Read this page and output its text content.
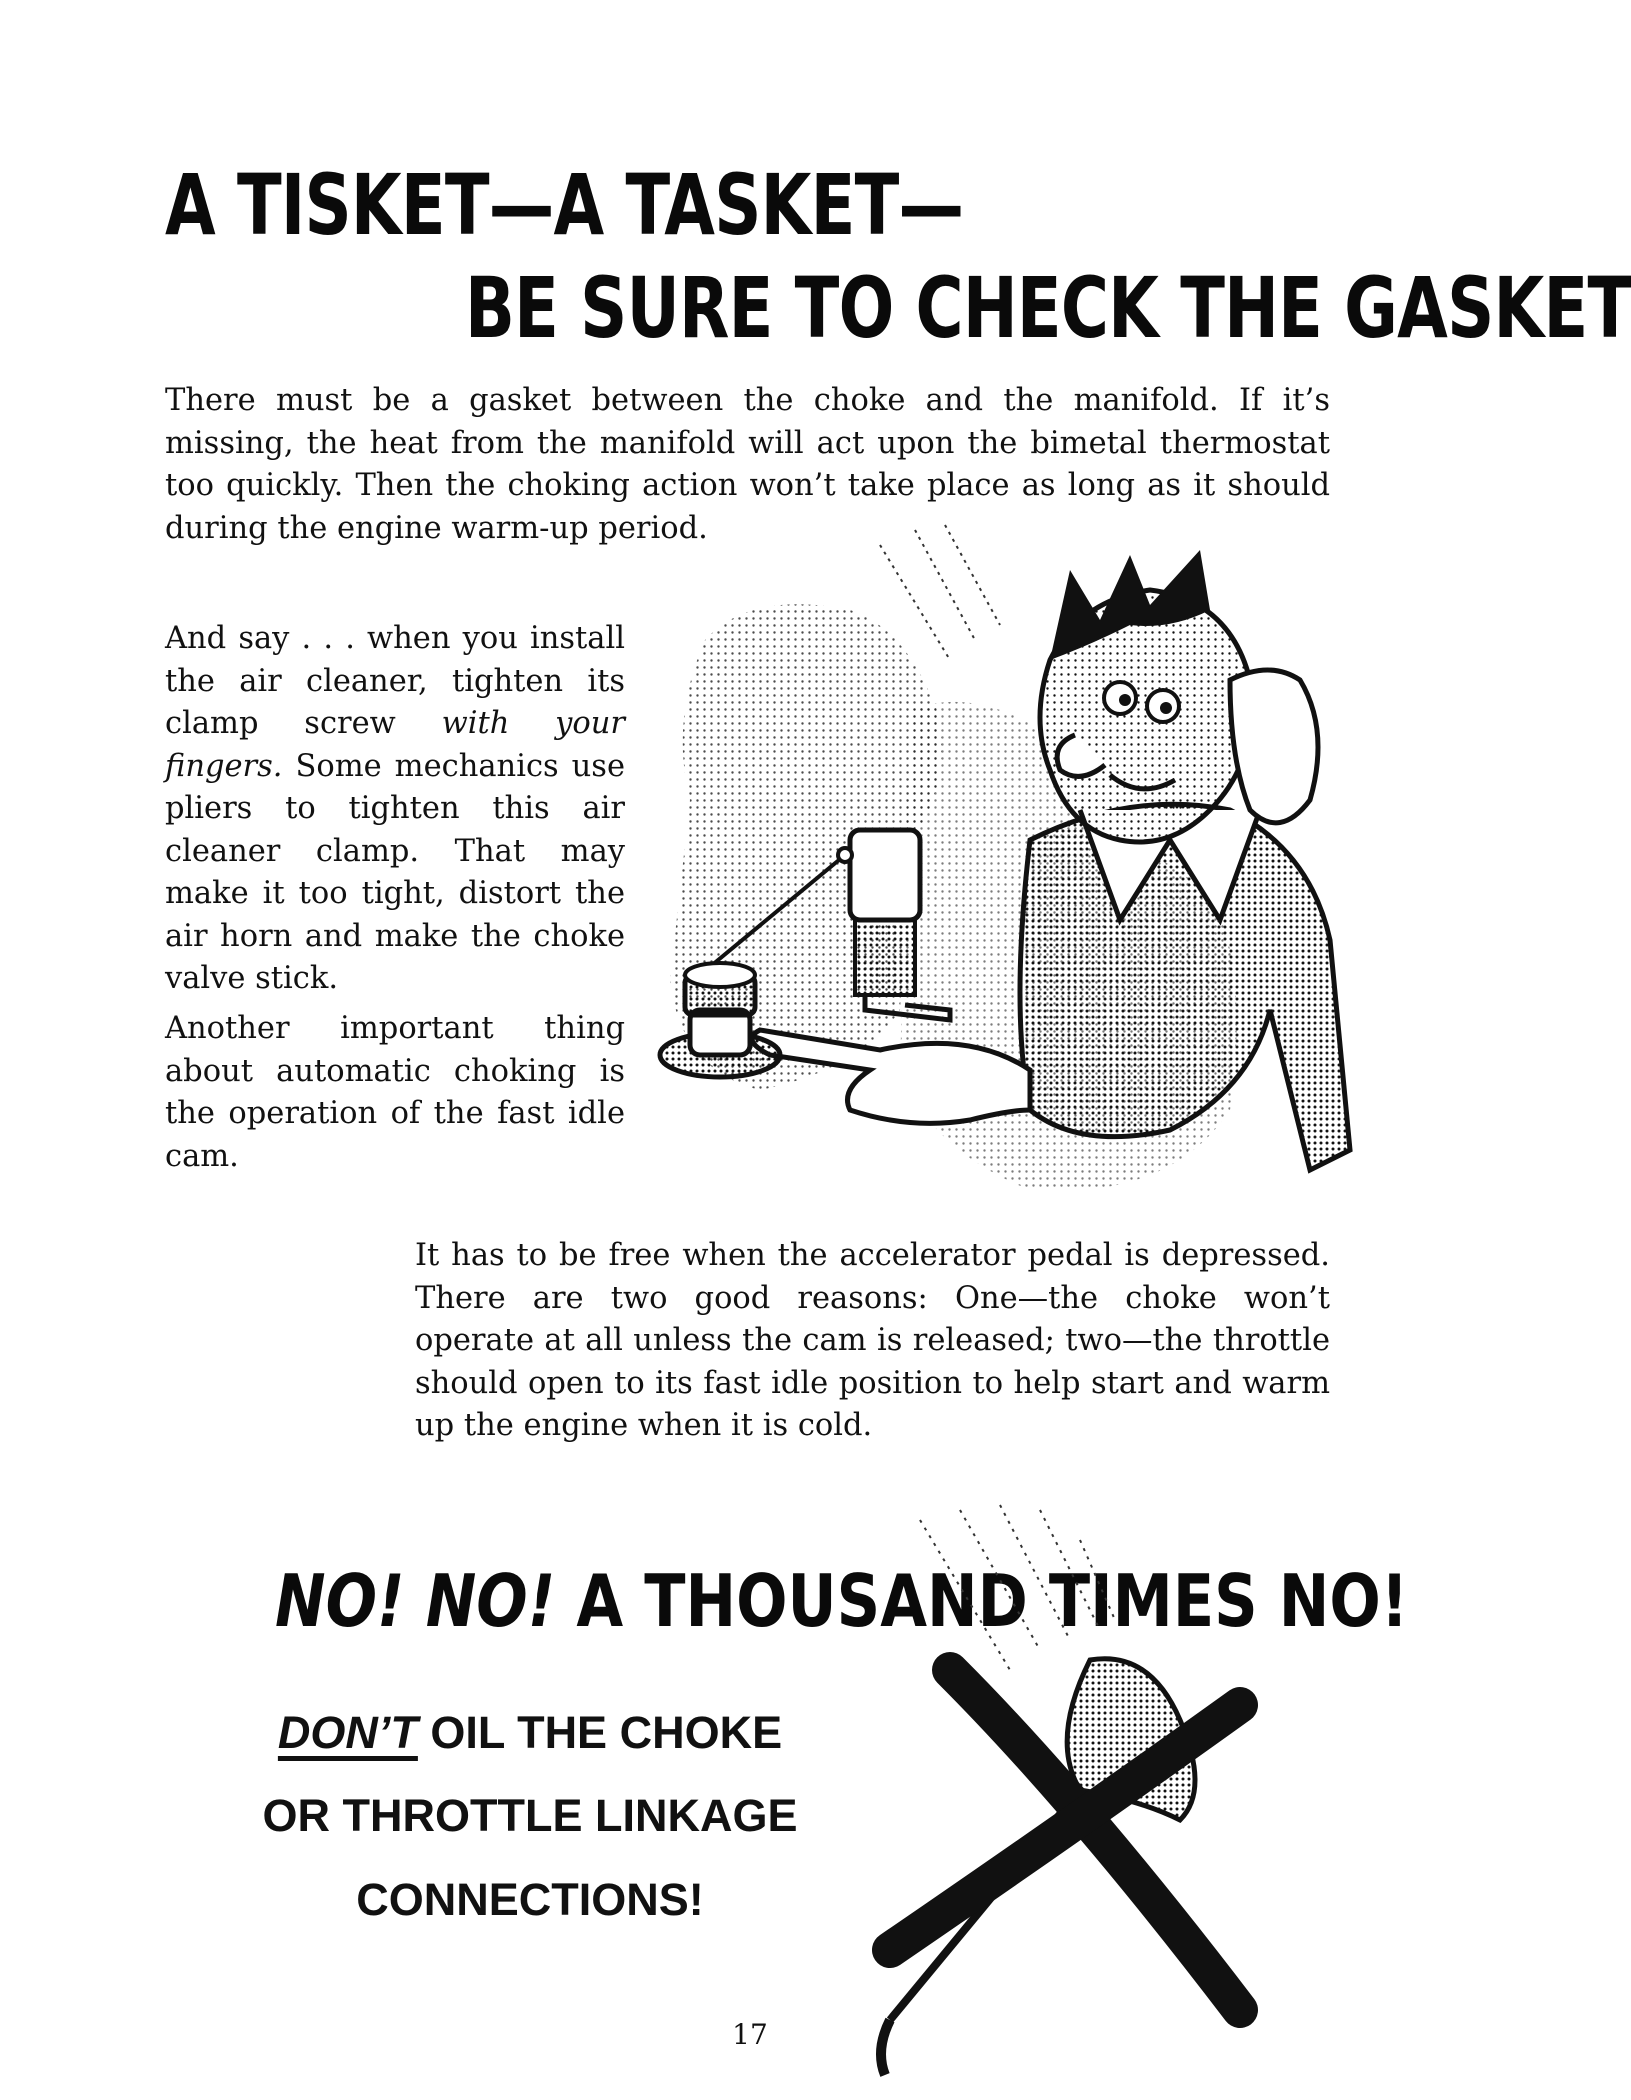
A TISKET—A TASKET—
BE SURE TO CHECK THE GASKET

There must be a gasket between the choke and the manifold. If it’s missing, the heat from the manifold will act upon the bimetal thermostat too quickly. Then the choking action won’t take place as long as it should during the engine warm-up period.

And say . . . when you install the air cleaner, tighten its clamp screw with your fingers. Some mechanics use pliers to tighten this air cleaner clamp. That may make it too tight, distort the air horn and make the choke valve stick.

Another important thing about automatic choking is the operation of the fast idle cam.

It has to be free when the accelerator pedal is depressed. There are two good reasons: One—the choke won’t operate at all unless the cam is released; two—the throttle should open to its fast idle position to help start and warm up the engine when it is cold.

NO! NO! A THOUSAND TIMES NO!
DON’T OIL THE CHOKE
OR THROTTLE LINKAGE
CONNECTIONS!

17
